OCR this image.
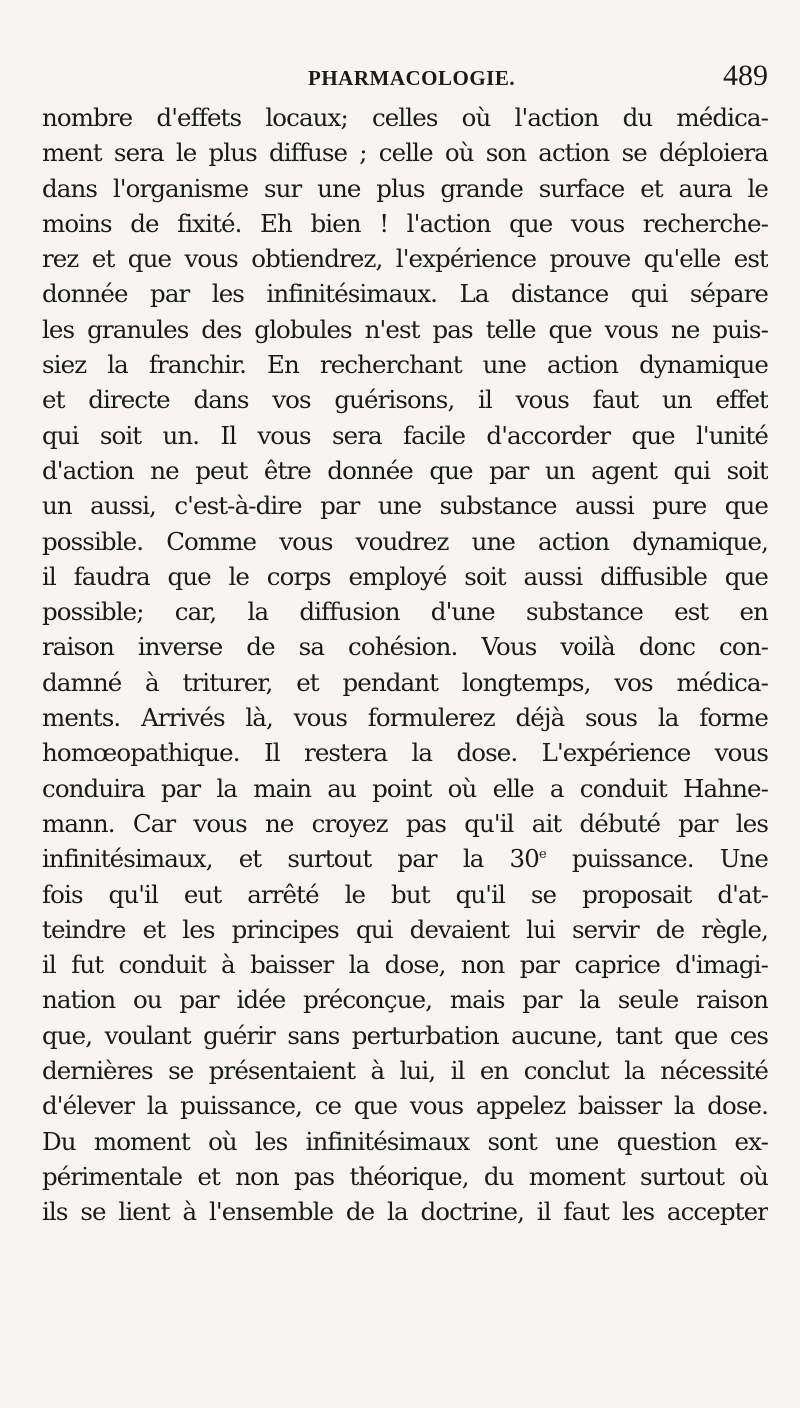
PHARMACOLOGIE.	489
nombre d'effets locaux; celles où l'action du médica-
ment sera le plus diffuse ; celle où son action se déploiera
dans l'organisme sur une plus grande surface et aura le
moins de fixité. Eh bien ! l'action que vous recherche-
rez et que vous obtiendrez, l'expérience prouve qu'elle est
donnée par les infinitésimaux. La distance qui sépare
les granules des globules n'est pas telle que vous ne puis-
siez la franchir. En recherchant une action dynamique
et directe dans vos guérisons, il vous faut un effet
qui soit un. Il vous sera facile d'accorder que l'unité
d'action ne peut être donnée que par un agent qui soit
un aussi, c'est-à-dire par une substance aussi pure que
possible. Comme vous voudrez une action dynamique,
il faudra que le corps employé soit aussi diffusible que
possible; car, la diffusion d'une substance est en
raison inverse de sa cohésion. Vous voilà donc con-
damné à triturer, et pendant longtemps, vos médica-
ments. Arrivés là, vous formulerez déjà sous la forme
homœopathique. Il restera la dose. L'expérience vous
conduira par la main au point où elle a conduit Hahne-
mann. Car vous ne croyez pas qu'il ait débuté par les
infinitésimaux, et surtout par la 30e puissance. Une
fois qu'il eut arrêté le but qu'il se proposait d'at-
teindre et les principes qui devaient lui servir de règle,
il fut conduit à baisser la dose, non par caprice d'imagi-
nation ou par idée préconçue, mais par la seule raison
que, voulant guérir sans perturbation aucune, tant que ces
dernières se présentaient à lui, il en conclut la nécessité
d'élever la puissance, ce que vous appelez baisser la dose.
Du moment où les infinitésimaux sont une question ex-
périmentale et non pas théorique, du moment surtout où
ils se lient à l'ensemble de la doctrine, il faut les accepter
